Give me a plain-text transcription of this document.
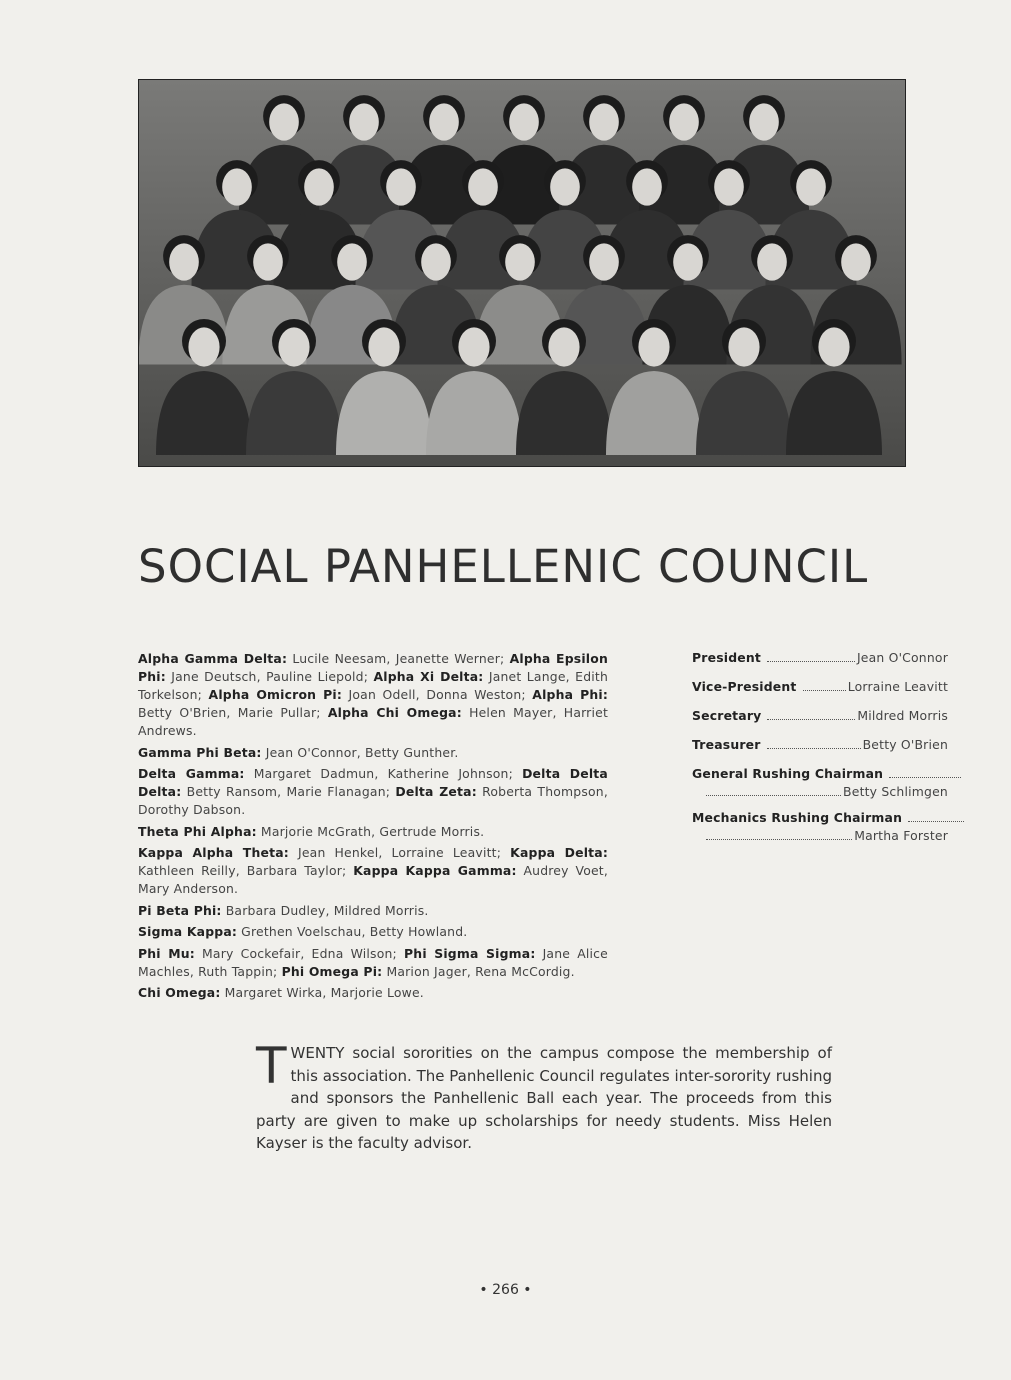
SOCIAL PANHELLENIC COUNCIL

Alpha Gamma Delta: Lucile Neesam, Jeanette Werner; Alpha Epsilon Phi: Jane Deutsch, Pauline Liepold; Alpha Xi Delta: Janet Lange, Edith Torkelson; Alpha Omicron Pi: Joan Odell, Donna Weston; Alpha Phi: Betty O'Brien, Marie Pullar; Alpha Chi Omega: Helen Mayer, Harriet Andrews.

Gamma Phi Beta: Jean O'Connor, Betty Gunther.

Delta Gamma: Margaret Dadmun, Katherine Johnson; Delta Delta Delta: Betty Ransom, Marie Flanagan; Delta Zeta: Roberta Thompson, Dorothy Dabson.

Theta Phi Alpha: Marjorie McGrath, Gertrude Morris.

Kappa Alpha Theta: Jean Henkel, Lorraine Leavitt; Kappa Delta: Kathleen Reilly, Barbara Taylor; Kappa Kappa Gamma: Audrey Voet, Mary Anderson.

Pi Beta Phi: Barbara Dudley, Mildred Morris.

Sigma Kappa: Grethen Voelschau, Betty Howland.

Phi Mu: Mary Cockefair, Edna Wilson; Phi Sigma Sigma: Jane Alice Machles, Ruth Tappin; Phi Omega Pi: Marion Jager, Rena McCordig.

Chi Omega: Margaret Wirka, Marjorie Lowe.

President	Jean O'Connor
Vice-President	Lorraine Leavitt
Secretary	Mildred Morris
Treasurer	Betty O'Brien
General Rushing Chairman
Betty Schlimgen
Mechanics Rushing Chairman
Martha Forster
TWENTY social sororities on the campus compose the membership of this association. The Panhellenic Council regulates inter-sorority rushing and sponsors the Panhellenic Ball each year. The proceeds from this party are given to make up scholarships for needy students. Miss Helen Kayser is the faculty advisor.
• 266 •
